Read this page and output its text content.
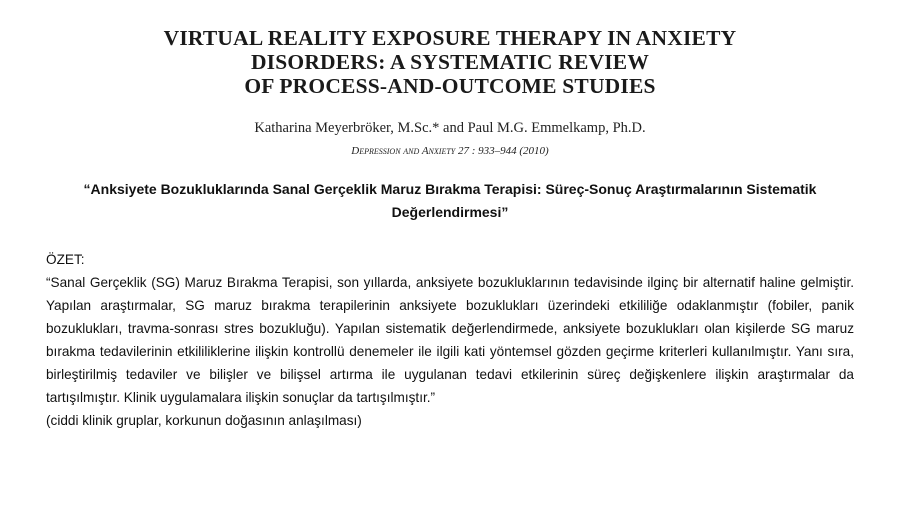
VIRTUAL REALITY EXPOSURE THERAPY IN ANXIETY
DISORDERS: A SYSTEMATIC REVIEW
OF PROCESS-AND-OUTCOME STUDIES
Katharina Meyerbröker, M.Sc.* and Paul M.G. Emmelkamp, Ph.D.
Depression and Anxiety 27 : 933–944 (2010)
“Anksiyete Bozukluklarında Sanal Gerçeklik Maruz Bırakma Terapisi: Süreç-Sonuç Araştırmalarının Sistematik Değerlendirmesi”
ÖZET:
“Sanal Gerçeklik (SG) Maruz Bırakma Terapisi, son yıllarda, anksiyete bozukluklarının tedavisinde ilginç bir alternatif haline gelmiştir. Yapılan araştırmalar, SG maruz bırakma terapilerinin anksiyete bozuklukları üzerindeki etkililiğe odaklanmıştır (fobiler, panik bozuklukları, travma-sonrası stres bozukluğu). Yapılan sistematik değerlendirmede, anksiyete bozuklukları olan kişilerde SG maruz bırakma tedavilerinin etkililiklerine ilişkin kontrollü denemeler ile ilgili kati yöntemsel gözden geçirme kriterleri kullanılmıştır. Yanı sıra, birleştirilmiş tedaviler ve bilişler ve bilişsel artırma ile uygulanan tedavi etkilerinin süreç değişkenlere ilişkin araştırmalar da tartışılmıştır. Klinik uygulamalara ilişkin sonuçlar da tartışılmıştır.”
(ciddi klinik gruplar, korkunun doğasının anlaşılması)
